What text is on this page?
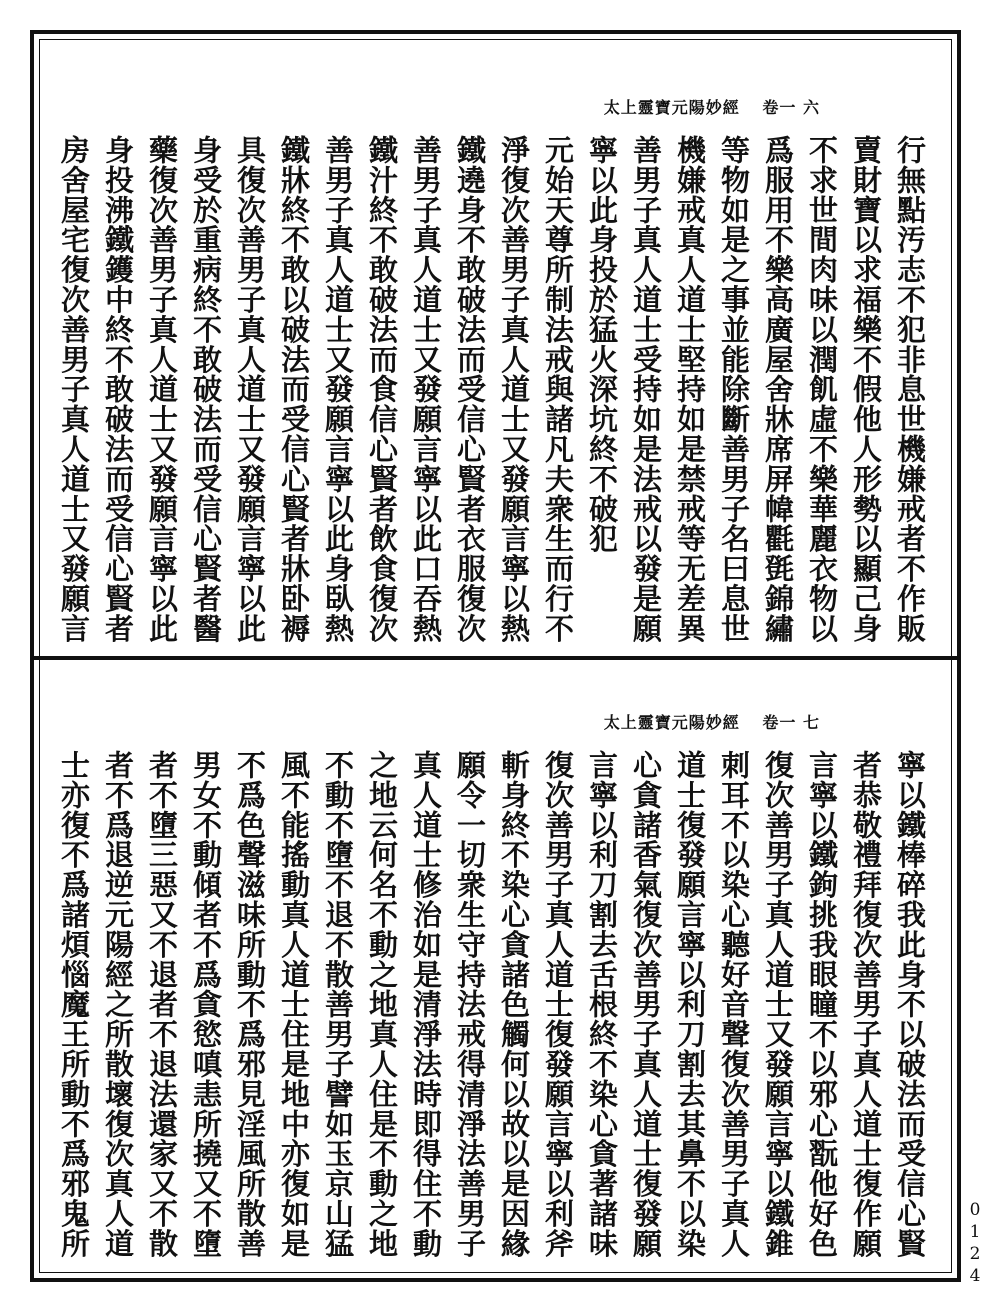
太上靈寶元陽妙經 卷一 六
行無點汚志不犯非息世機嫌戒者不作販
賣財寶以求福樂不假他人形勢以顯己身
不求世間肉味以潤飢虛不樂華麗衣物以
爲服用不樂高廣屋舍牀席屏幃氍㲪錦繡
等物如是之事並能除斷善男子名曰息世
機嫌戒真人道士堅持如是禁戒等无差異
善男子真人道士受持如是法戒以發是願
寧以此身投於猛火深坑終不破犯
元始天尊所制法戒與諸凡夫衆生而行不
淨復次善男子真人道士又發願言寧以熱
鐵遶身不敢破法而受信心賢者衣服復次
善男子真人道士又發願言寧以此口吞熱
鐵汁終不敢破法而食信心賢者飲食復次
善男子真人道士又發願言寧以此身臥熱
鐵牀終不敢以破法而受信心賢者牀卧褥
具復次善男子真人道士又發願言寧以此
身受於重病終不敢破法而受信心賢者醫
藥復次善男子真人道士又發願言寧以此
身投沸鐵鑊中終不敢破法而受信心賢者
房舍屋宅復次善男子真人道士又發願言
太上靈寶元陽妙經 卷一 七
寧以鐵棒碎我此身不以破法而受信心賢
者恭敬禮拜復次善男子真人道士復作願
言寧以鐵鉤挑我眼瞳不以邪心翫他好色
復次善男子真人道士又發願言寧以鐵錐
刺耳不以染心聽好音聲復次善男子真人
道士復發願言寧以利刀割去其鼻不以染
心貪諸香氣復次善男子真人道士復發願
言寧以利刀割去舌根終不染心貪著諸味
復次善男子真人道士復發願言寧以利斧
斬身終不染心貪諸色觸何以故以是因緣
願令一切衆生守持法戒得清淨法善男子
真人道士修治如是清淨法時即得住不動
之地云何名不動之地真人住是不動之地
不動不墮不退不散善男子譬如玉京山猛
風不能搖動真人道士住是地中亦復如是
不爲色聲滋味所動不爲邪見淫風所散善
男女不動傾者不爲貪慾嗔恚所撓又不墮
者不墮三惡又不退者不退法還家又不散
者不爲退逆元陽經之所散壞復次真人道
士亦復不爲諸煩惱魔王所動不爲邪鬼所	0124
